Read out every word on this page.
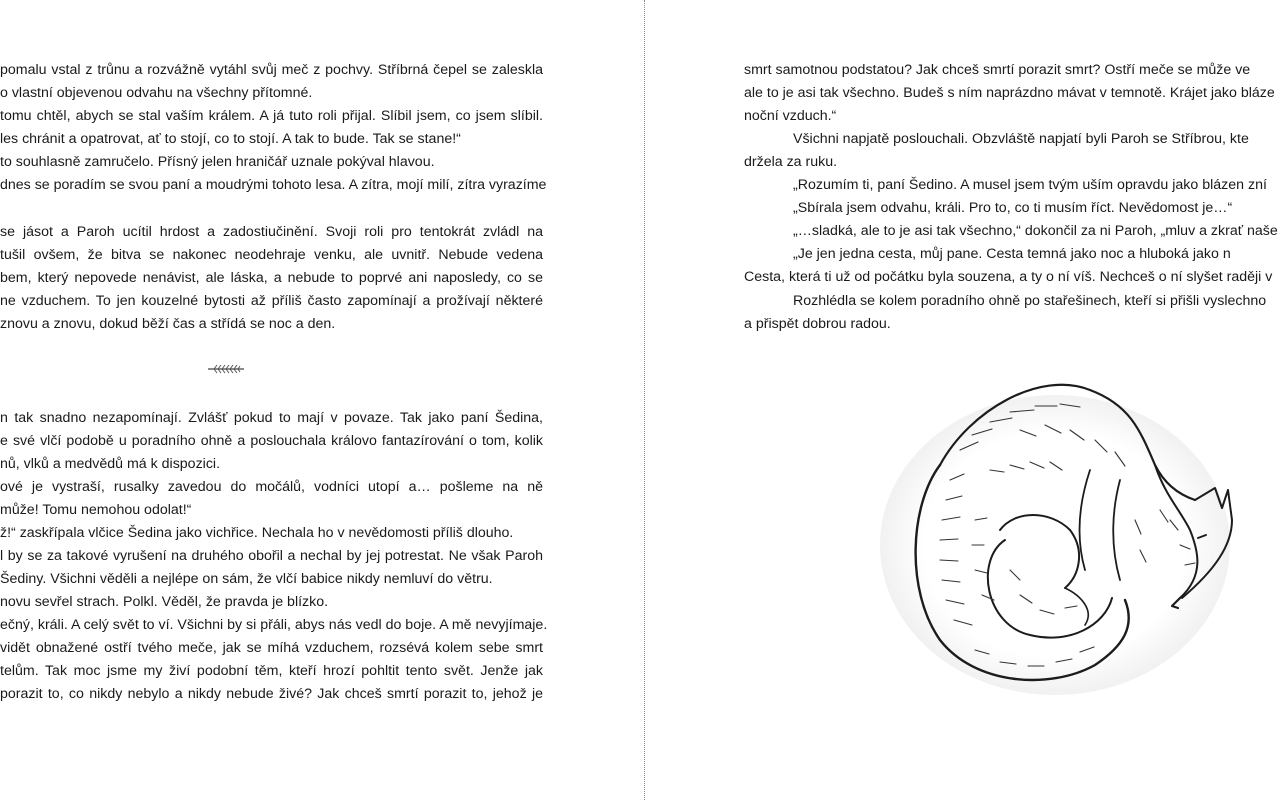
pomalu vstal z trůnu a rozvážně vytáhl svůj meč z pochvy. Stříbrná čepel se zaleskla
o vlastní objevenou odvahu na všechny přítomné.
tomu chtěl, abych se stal vaším králem. A já tuto roli přijal. Slíbil jsem, co jsem slíbil.
les chránit a opatrovat, ať to stojí, co to stojí. A tak to bude. Tak se stane!“
to souhlasně zamručelo. Přísný jelen hraničář uznale pokýval hlavou.
dnes se poradím se svou paní a moudrými tohoto lesa. A zítra, mojí milí, zítra vyrazíme
se jásot a Paroh ucítil hrdost a zadostiučinění. Svoji roli pro tentokrát zvládl na
tušil ovšem, že bitva se nakonec neodehraje venku, ale uvnitř. Nebude vedena
bem, který nepovede nenávist, ale láska, a nebude to poprvé ani naposledy, co se
ne vzduchem. To jen kouzelné bytosti až příliš často zapomínají a prožívají některé
znovu a znovu, dokud běží čas a střídá se noc a den.
n tak snadno nezapomínají. Zvlášť pokud to mají v povaze. Tak jako paní Šedina,
e své vlčí podobě u poradního ohně a poslouchala královo fantazírování o tom, kolik
nů, vlků a medvědů má k dispozici.
ové je vystraší, rusalky zavedou do močálů, vodníci utopí a… pošleme na ně
může! Tomu nemohou odolat!“
ž!“ zaskřípala vlčice Šedina jako vichřice. Nechala ho v nevědomosti příliš dlouho.
l by se za takové vyrušení na druhého obořil a nechal by jej potrestat. Ne však Paroh
Šediny. Všichni věděli a nejlépe on sám, že vlčí babice nikdy nemluví do větru.
novu sevřel strach. Polkl. Věděl, že pravda je blízko.
ečný, králi. A celý svět to ví. Všichni by si přáli, abys nás vedl do boje. A mě nevyjímaje.
vidět obnažené ostří tvého meče, jak se míhá vzduchem, rozsévá kolem sebe smrt
telům. Tak moc jsme my živí podobní těm, kteří hrozí pohltit tento svět. Jenže jak
porazit to, co nikdy nebylo a nikdy nebude živé? Jak chceš smrtí porazit to, jehož je
smrt samotnou podstatou? Jak chceš smrtí porazit smrt? Ostří meče se může ve
ale to je asi tak všechno. Budeš s ním naprázdno mávat v temnotě. Krájet jako bláze
noční vzduch.“
Všichni napjatě poslouchali. Obzvláště napjatí byli Paroh se Stříbrou, kte
držela za ruku.
„Rozumím ti, paní Šedino. A musel jsem tvým uším opravdu jako blázen zní
„Sbírala jsem odvahu, králi. Pro to, co ti musím říct. Nevědomost je…“
„…sladká, ale to je asi tak všechno,“ dokončil za ni Paroh, „mluv a zkrať naše
„Je jen jedna cesta, můj pane. Cesta temná jako noc a hluboká jako n
Cesta, která ti už od počátku byla souzena, a ty o ní víš. Nechceš o ní slyšet raději v
Rozhlédla se kolem poradního ohně po stařešinech, kteří si přišli vyslechno
a přispět dobrou radou.
